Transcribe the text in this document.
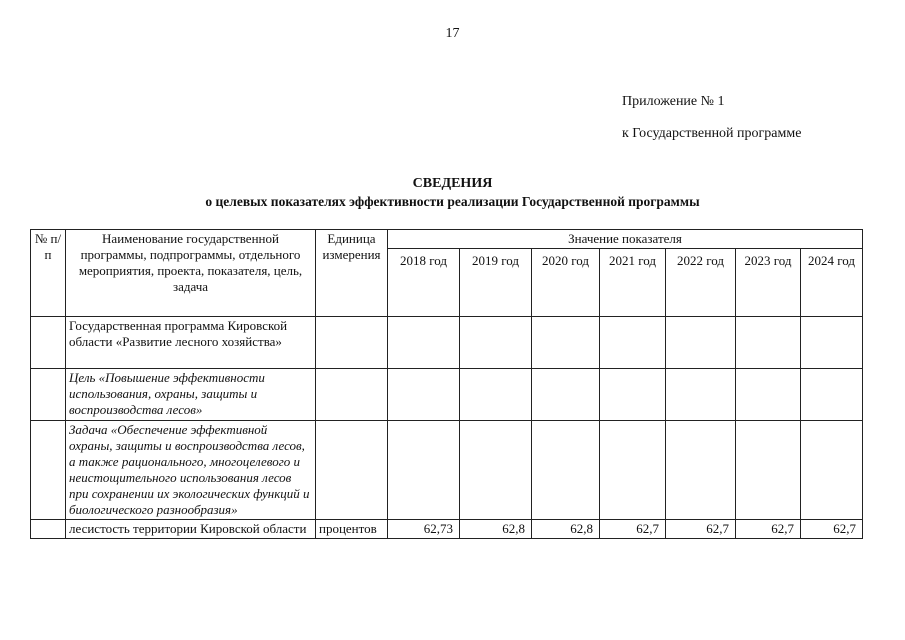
17
Приложение № 1
к Государственной программе
СВЕДЕНИЯ
о целевых показателях эффективности реализации Государственной программы
№ п/п	Наименование государственной программы, подпрограммы, отдельного мероприятия, проекта, показателя, цель, задача	Единица измерения	Значение показателя						
			2018 год	2019 год	2020 год	2021 год	2022 год	2023 год	2024 год
	Государственная программа Кировской области «Развитие лесного хозяйства»								
	Цель «Повышение эффективности использования, охраны, защиты и воспроизводства лесов»								
	Задача «Обеспечение эффективной охраны, защиты и воспроизводства лесов, а также рационального, многоцелевого и неистощительного использования лесов при сохранении их экологических функций и биологического разнообразия»								
	лесистость территории Кировской области	процентов	62,73	62,8	62,8	62,7	62,7	62,7	62,7
